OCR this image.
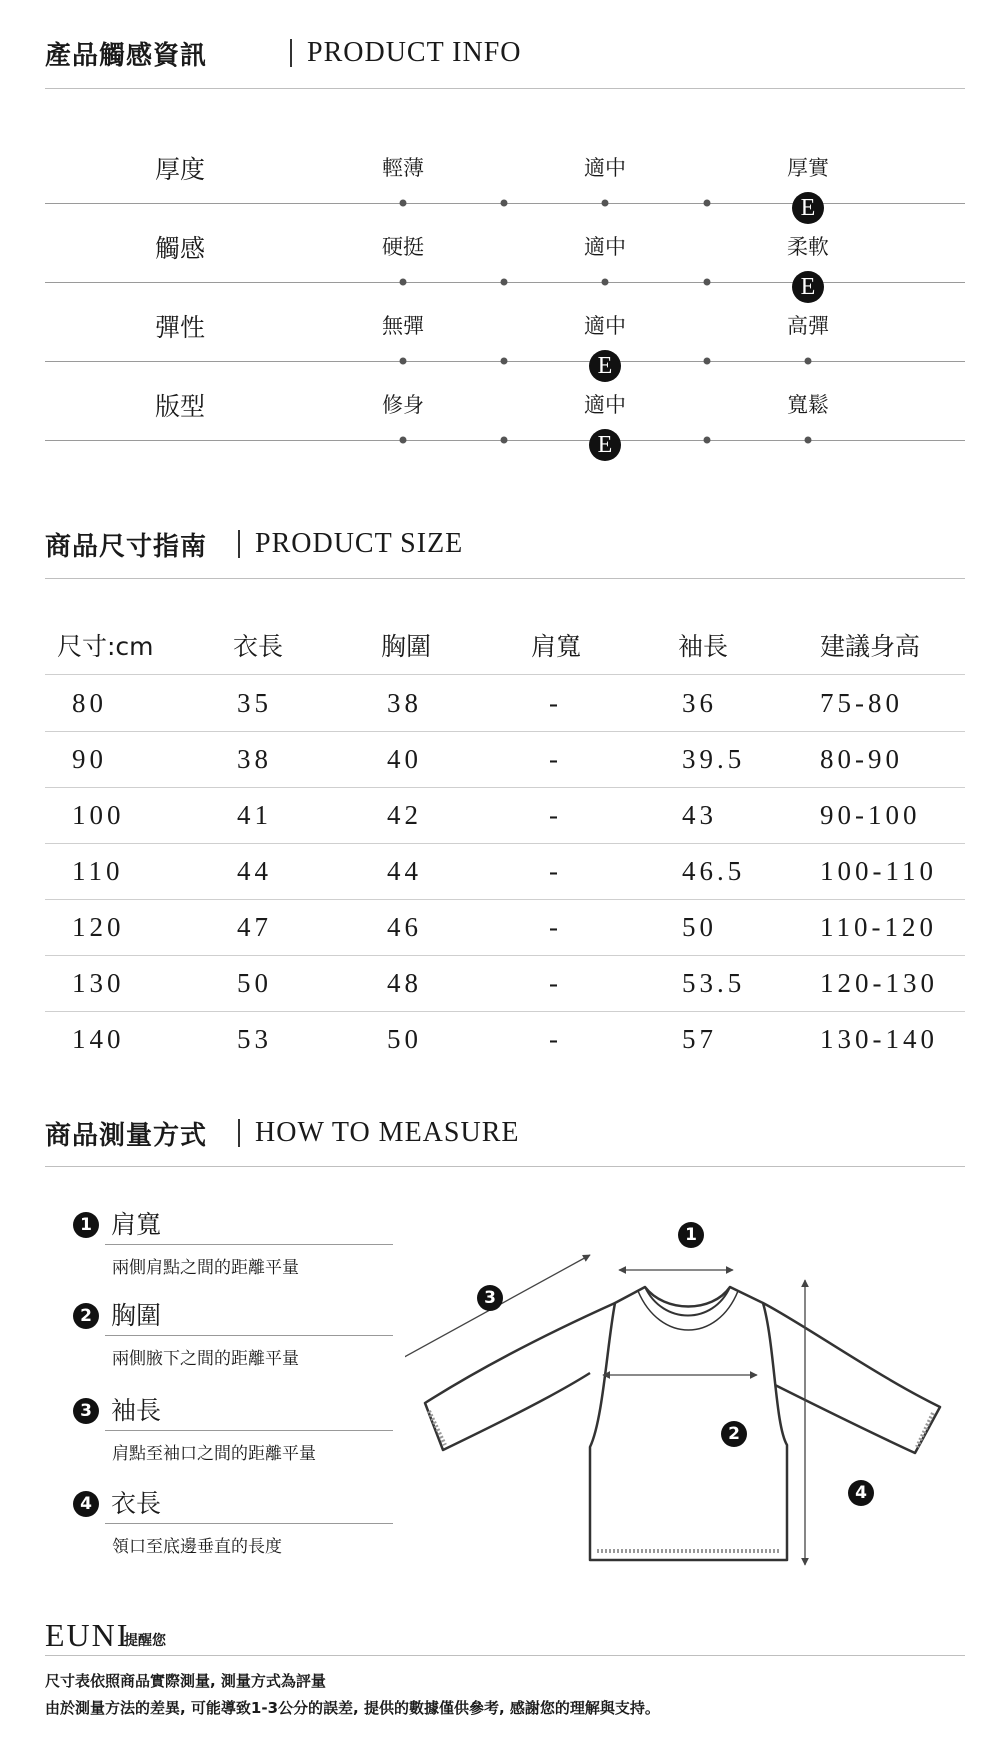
產品觸感資訊	PRODUCT INFO
厚度	輕薄	適中	厚實
E
觸感	硬挺	適中	柔軟
E
彈性	無彈	適中	高彈
E
版型	修身	適中	寬鬆
E
商品尺寸指南 PRODUCT SIZE
尺寸:cm	衣長	胸圍	肩寬	袖長	建議身高
80	35	38	-	36	75-80
90	38	40	-	39.5	80-90
100	41	42	-	43	90-100
110	44	44	-	46.5	100-110
120	47	46	-	50	110-120
130	50	48	-	53.5	120-130
140	53	50	-	57	130-140
商品測量方式 HOW TO MEASURE
1 肩寬
兩側肩點之間的距離平量
2 胸圍
兩側腋下之間的距離平量
3 袖長
肩點至袖口之間的距離平量
4 衣長
領口至底邊垂直的長度
1
2
3
4
EUNI
提醒您
尺寸表依照商品實際測量, 測量方式為評量
由於測量方法的差異, 可能導致1-3公分的誤差, 提供的數據僅供參考, 感謝您的理解與支持。
